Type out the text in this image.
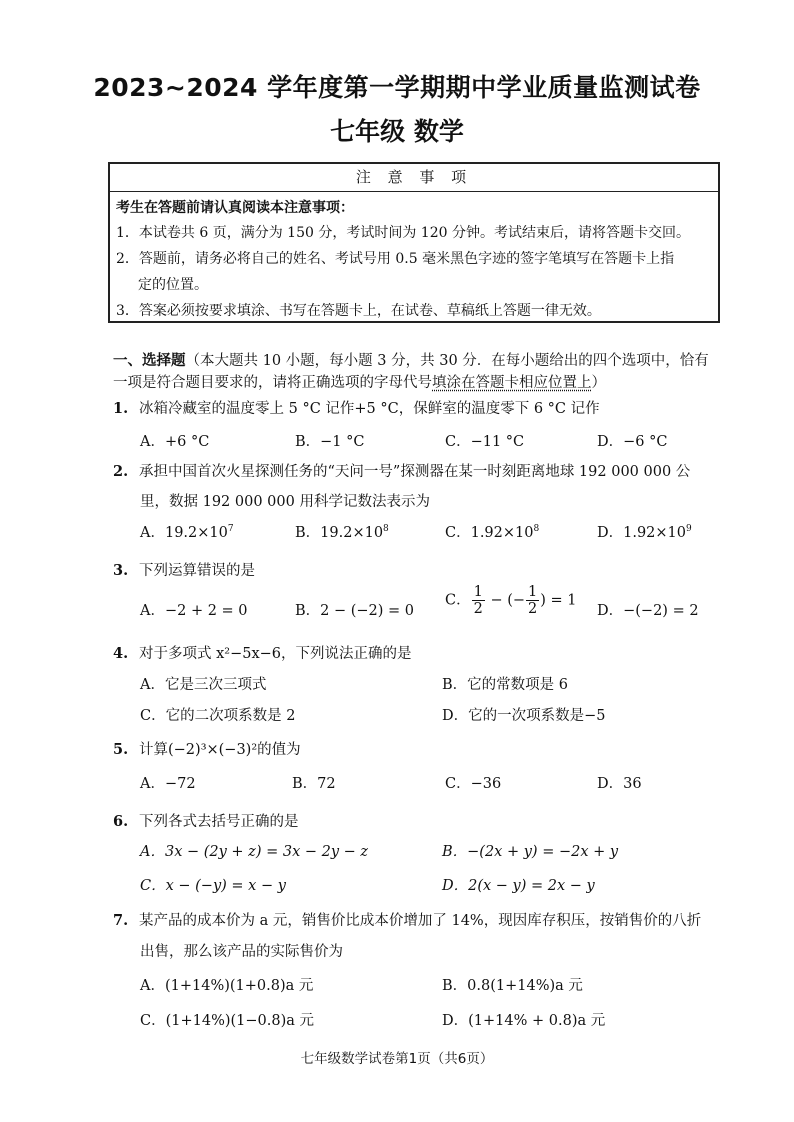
2023~2024 学年度第一学期期中学业质量监测试卷
七年级 数学
注 意 事 项
考生在答题前请认真阅读本注意事项：
1．本试卷共 6 页，满分为 150 分，考试时间为 120 分钟。考试结束后，请将答题卡交回。
2．答题前，请务必将自己的姓名、考试号用 0.5 毫米黑色字迹的签字笔填写在答题卡上指
定的位置。
3．答案必须按要求填涂、书写在答题卡上，在试卷、草稿纸上答题一律无效。
一、选择题（本大题共 10 小题，每小题 3 分，共 30 分．在每小题给出的四个选项中，恰有
一项是符合题目要求的，请将正确选项的字母代号填涂在答题卡相应位置上）
1. 冰箱冷藏室的温度零上 5 °C 记作+5 °C，保鲜室的温度零下 6 °C 记作
A．+6 °C	B．−1 °C	C．−11 °C	D．−6 °C
2. 承担中国首次火星探测任务的“天问一号”探测器在某一时刻距离地球 192 000 000 公
里，数据 192 000 000 用科学记数法表示为
A．$19.2\times 10^7$	B．$19.2\times 10^8$	C．$1.92\times 10^8$	D．$1.92\times 10^9$
3. 下列运算错误的是
A．−2 + 2 = 0	B．2 − (−2) = 0
C． $\frac{1}{2}$ − (− $\frac{1}{2}$ ) = 1
D．−(−2) = 2
4. 对于多项式 x²−5x−6，下列说法正确的是
A．它是三次三项式	B．它的常数项是 6
C．它的二次项系数是 2	D．它的一次项系数是−5
5. 计算(−2)³×(−3)²的值为
A．−72	B．72	C．−36	D．36
6. 下列各式去括号正确的是
A．3x − (2y + z) = 3x − 2y − z	B．−(2x + y) = −2x + y
C．x − (−y) = x − y	D．2(x − y) = 2x − y
7. 某产品的成本价为 a 元，销售价比成本价增加了 14%，现因库存积压，按销售价的八折
出售，那么该产品的实际售价为
A．(1+14%)(1+0.8)a 元	B．0.8(1+14%)a 元
C．(1+14%)(1−0.8)a 元	D．(1+14% + 0.8)a 元
七年级数学试卷第1页（共6页）
